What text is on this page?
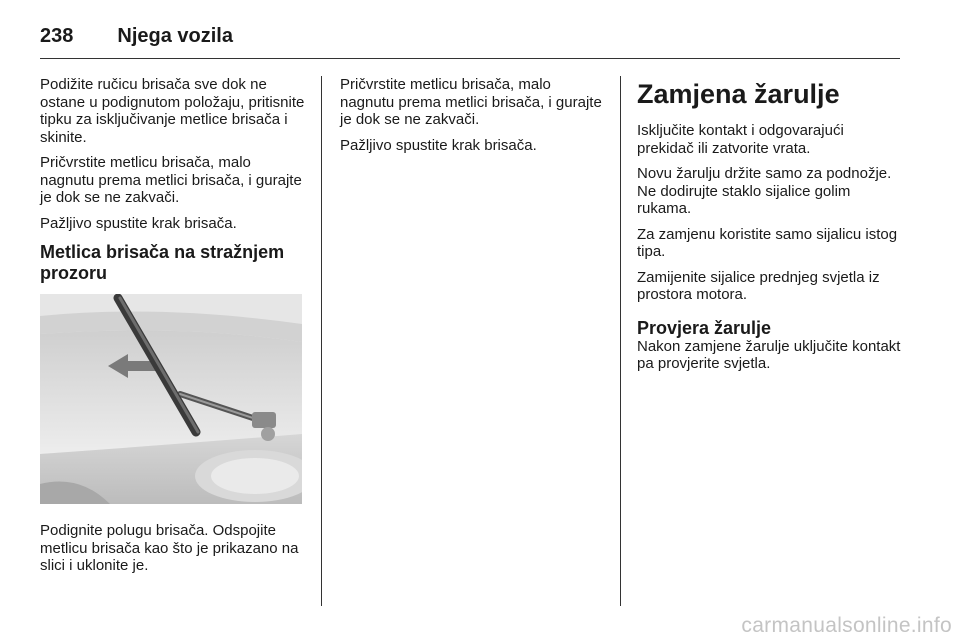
238 Njega vozila

Podižite ručicu brisača sve dok ne ostane u podignutom položaju, pritisnite tipku za isključivanje metlice brisača i skinite.

Pričvrstite metlicu brisača, malo nagnutu prema metlici brisača, i gurajte je dok se ne zakvači.

Pažljivo spustite krak brisača.

Metlica brisača na stražnjem prozoru

Podignite polugu brisača. Odspojite metlicu brisača kao što je prikazano na slici i uklonite je.

Pričvrstite metlicu brisača, malo nagnutu prema metlici brisača, i gurajte je dok se ne zakvači.

Pažljivo spustite krak brisača.

Zamjena žarulje

Isključite kontakt i odgovarajući prekidač ili zatvorite vrata.

Novu žarulju držite samo za podnožje. Ne dodirujte staklo sijalice golim rukama.

Za zamjenu koristite samo sijalicu istog tipa.

Zamijenite sijalice prednjeg svjetla iz prostora motora.

Provjera žarulje

Nakon zamjene žarulje uključite kontakt pa provjerite svjetla.

carmanualsonline.info
